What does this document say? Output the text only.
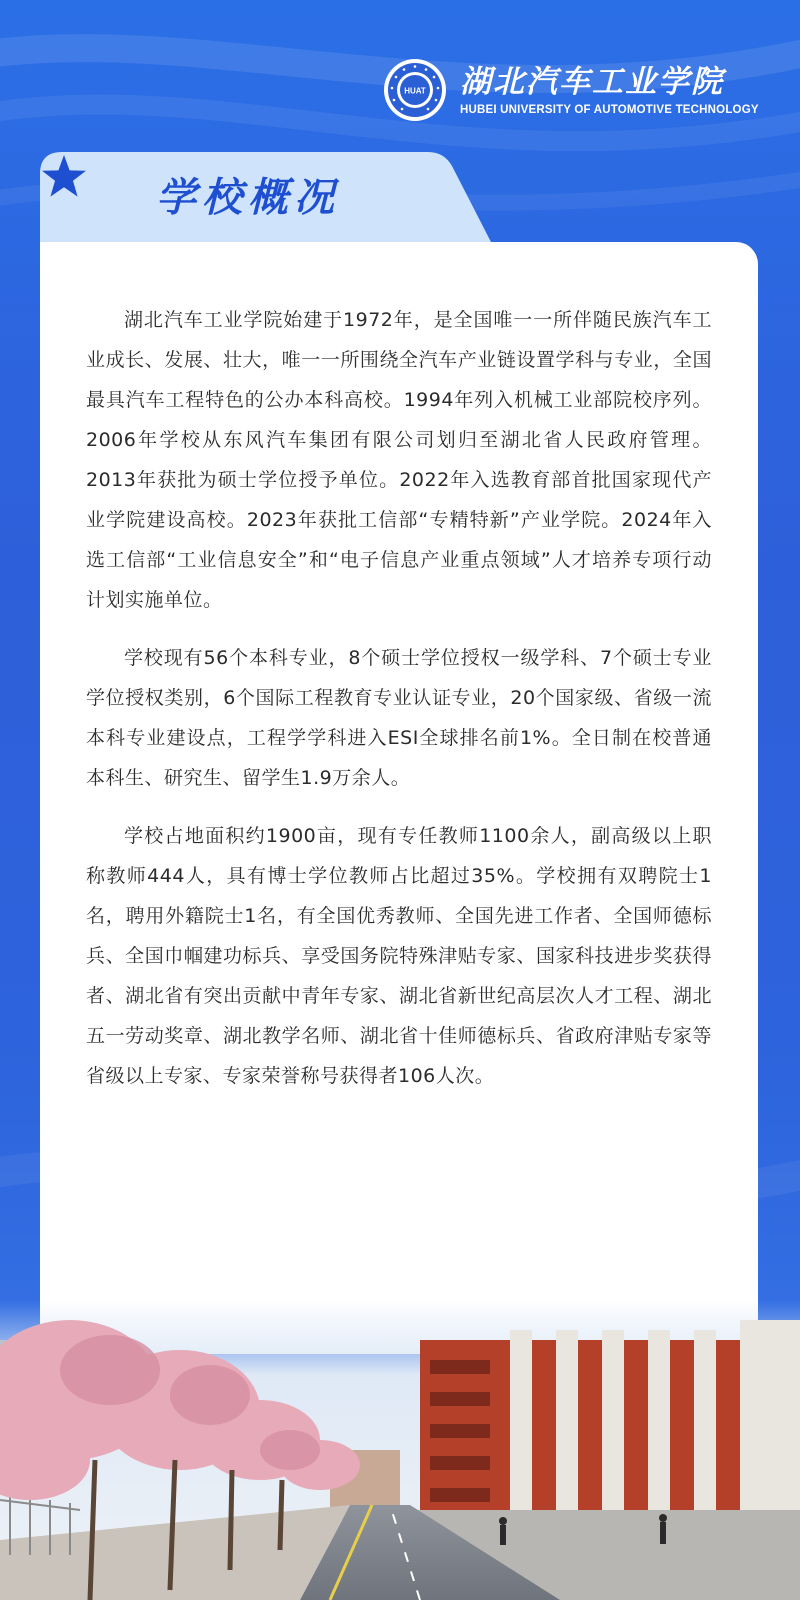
HUAT 湖北汽车工业学院
HUBEI UNIVERSITY OF AUTOMOTIVE TECHNOLOGY
学校概况

湖北汽车工业学院始建于1972年，是全国唯一一所伴随民族汽车工业成长、发展、壮大，唯一一所围绕全汽车产业链设置学科与专业，全国最具汽车工程特色的公办本科高校。1994年列入机械工业部院校序列。2006年学校从东风汽车集团有限公司划归至湖北省人民政府管理。2013年获批为硕士学位授予单位。2022年入选教育部首批国家现代产业学院建设高校。2023年获批工信部“专精特新”产业学院。2024年入选工信部“工业信息安全”和“电子信息产业重点领域”人才培养专项行动计划实施单位。

学校现有56个本科专业，8个硕士学位授权一级学科、7个硕士专业学位授权类别，6个国际工程教育专业认证专业，20个国家级、省级一流本科专业建设点，工程学学科进入ESI全球排名前1%。全日制在校普通本科生、研究生、留学生1.9万余人。

学校占地面积约1900亩，现有专任教师1100余人，副高级以上职称教师444人，具有博士学位教师占比超过35%。学校拥有双聘院士1名，聘用外籍院士1名，有全国优秀教师、全国先进工作者、全国师德标兵、全国巾帼建功标兵、享受国务院特殊津贴专家、国家科技进步奖获得者、湖北省有突出贡献中青年专家、湖北省新世纪高层次人才工程、湖北五一劳动奖章、湖北教学名师、湖北省十佳师德标兵、省政府津贴专家等省级以上专家、专家荣誉称号获得者106人次。
